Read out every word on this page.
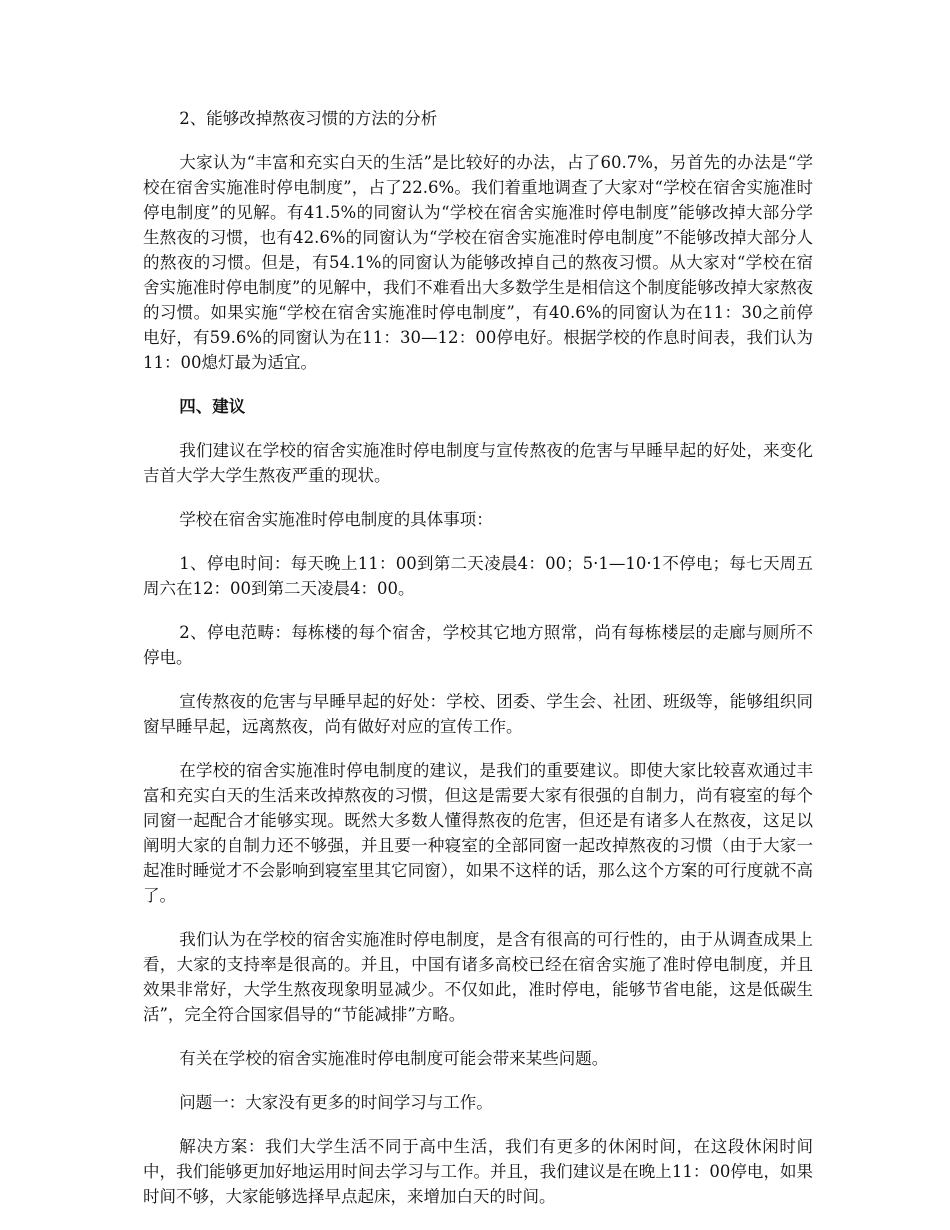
2、能够改掉熬夜习惯的方法的分析

大家认为“丰富和充实白天的生活”是比较好的办法，占了60.7%，另首先的办法是“学校在宿舍实施准时停电制度”，占了22.6%。我们着重地调查了大家对“学校在宿舍实施准时停电制度”的见解。有41.5%的同窗认为“学校在宿舍实施准时停电制度”能够改掉大部分学生熬夜的习惯，也有42.6%的同窗认为“学校在宿舍实施准时停电制度”不能够改掉大部分人的熬夜的习惯。但是，有54.1%的同窗认为能够改掉自己的熬夜习惯。从大家对“学校在宿舍实施准时停电制度”的见解中，我们不难看出大多数学生是相信这个制度能够改掉大家熬夜的习惯。如果实施“学校在宿舍实施准时停电制度”，有40.6%的同窗认为在11：30之前停电好，有59.6%的同窗认为在11：30—12：00停电好。根据学校的作息时间表，我们认为11：00熄灯最为适宜。

四、建议

我们建议在学校的宿舍实施准时停电制度与宣传熬夜的危害与早睡早起的好处，来变化吉首大学大学生熬夜严重的现状。

学校在宿舍实施准时停电制度的具体事项：

1、停电时间：每天晚上11：00到第二天凌晨4：00；5·1—10·1不停电；每七天周五周六在12：00到第二天凌晨4：00。

2、停电范畴：每栋楼的每个宿舍，学校其它地方照常，尚有每栋楼层的走廊与厕所不停电。

宣传熬夜的危害与早睡早起的好处：学校、团委、学生会、社团、班级等，能够组织同窗早睡早起，远离熬夜，尚有做好对应的宣传工作。

在学校的宿舍实施准时停电制度的建议，是我们的重要建议。即使大家比较喜欢通过丰富和充实白天的生活来改掉熬夜的习惯，但这是需要大家有很强的自制力，尚有寝室的每个同窗一起配合才能够实现。既然大多数人懂得熬夜的危害，但还是有诸多人在熬夜，这足以阐明大家的自制力还不够强，并且要一种寝室的全部同窗一起改掉熬夜的习惯（由于大家一起准时睡觉才不会影响到寝室里其它同窗），如果不这样的话，那么这个方案的可行度就不高了。

我们认为在学校的宿舍实施准时停电制度，是含有很高的可行性的，由于从调查成果上看，大家的支持率是很高的。并且，中国有诸多高校已经在宿舍实施了准时停电制度，并且效果非常好，大学生熬夜现象明显减少。不仅如此，准时停电，能够节省电能，这是低碳生活”，完全符合国家倡导的“节能减排”方略。

有关在学校的宿舍实施准时停电制度可能会带来某些问题。

问题一：大家没有更多的时间学习与工作。

解决方案：我们大学生活不同于高中生活，我们有更多的休闲时间，在这段休闲时间中，我们能够更加好地运用时间去学习与工作。并且，我们建议是在晚上11：00停电，如果时间不够，大家能够选择早点起床，来增加白天的时间。
